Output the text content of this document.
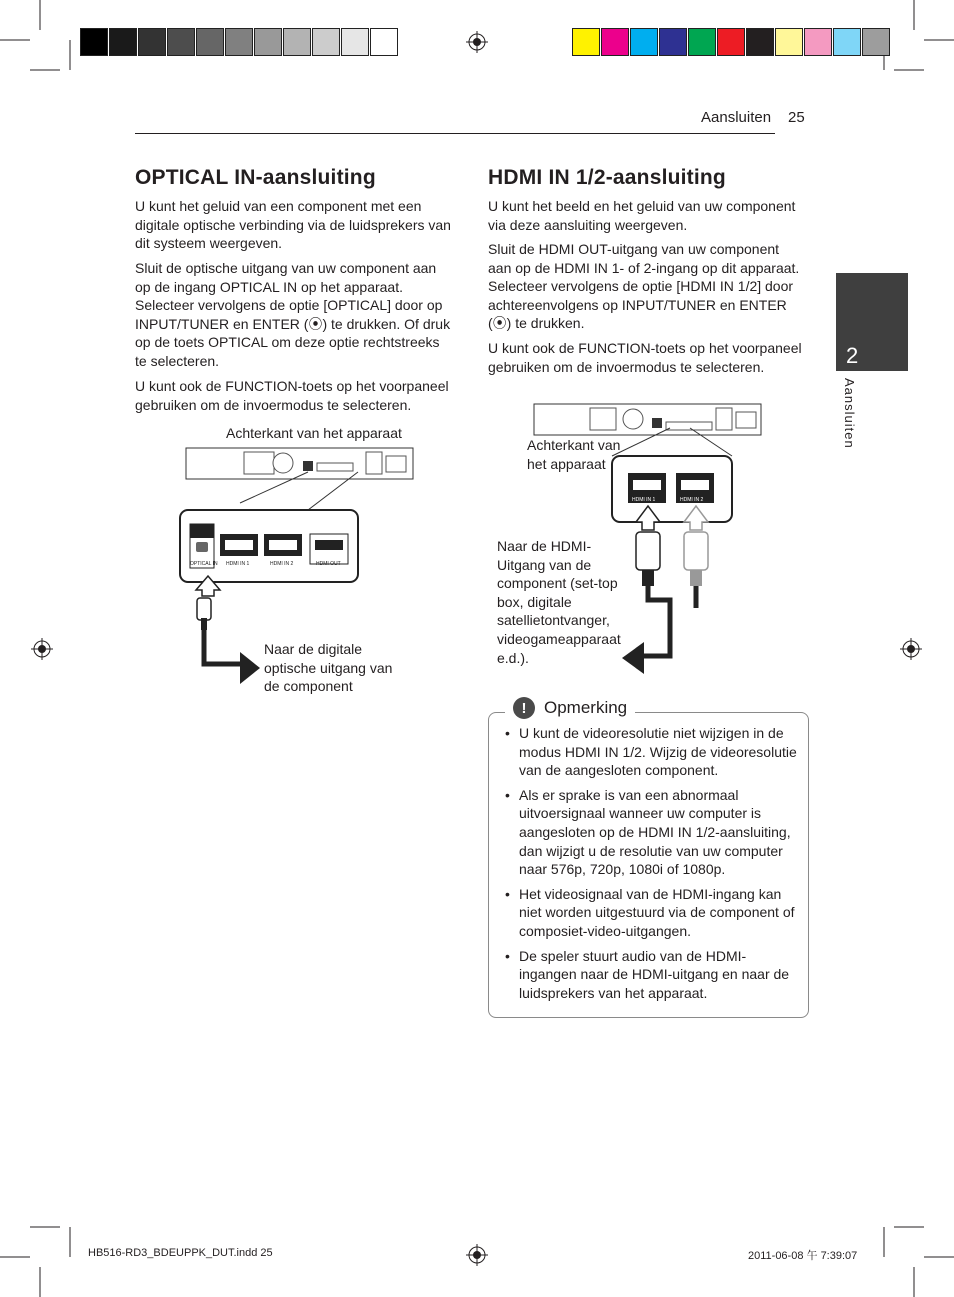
Aansluiten 25
2
Aansluiten
OPTICAL IN-aansluiting

U kunt het geluid van een component met een digitale optische verbinding via de luidsprekers van dit systeem weergeven.

Sluit de optische uitgang van uw component aan op de ingang OPTICAL IN op het apparaat. Selecteer vervolgens de optie [OPTICAL] door op INPUT/TUNER en ENTER (⦿) te drukken. Of druk op de toets OPTICAL om deze optie rechtstreeks te selecteren.

U kunt ook de FUNCTION-toets op het voorpaneel gebruiken om de invoermodus te selecteren.

Achterkant van het apparaat
OPTICAL IN HDMI IN 1	HDMI IN 2	HDMI OUT
Naar de digitale optische uitgang van de component
HDMI IN 1/2-aansluiting

U kunt het beeld en het geluid van uw component via deze aansluiting weergeven.

Sluit de HDMI OUT-uitgang van uw component aan op de HDMI IN 1- of 2-ingang op dit apparaat. Selecteer vervolgens de optie [HDMI IN 1/2] door achtereenvolgens op INPUT/TUNER en ENTER (⦿) te drukken.

U kunt ook de FUNCTION-toets op het voorpaneel gebruiken om de invoermodus te selecteren.

HDMI IN 1	HDMI IN 2
Achterkant van het apparaat
Naar de HDMI-Uitgang van de component (set-top box, digitale satellietontvanger, videogameapparaat e.d.).
!	Opmerking
• U kunt de videoresolutie niet wijzigen in de modus HDMI IN 1/2. Wijzig de videoresolutie van de aangesloten component.
• Als er sprake is van een abnormaal uitvoersignaal wanneer uw computer is aangesloten op de HDMI IN 1/2-aansluiting, dan wijzigt u de resolutie van uw computer naar 576p, 720p, 1080i of 1080p.
• Het videosignaal van de HDMI-ingang kan niet worden uitgestuurd via de component of composiet-video-uitgangen.
• De speler stuurt audio van de HDMI-ingangen naar de HDMI-uitgang en naar de luidsprekers van het apparaat.
HB516-RD3_BDEUPPK_DUT.indd 25	2011-06-08 午 7:39:07
